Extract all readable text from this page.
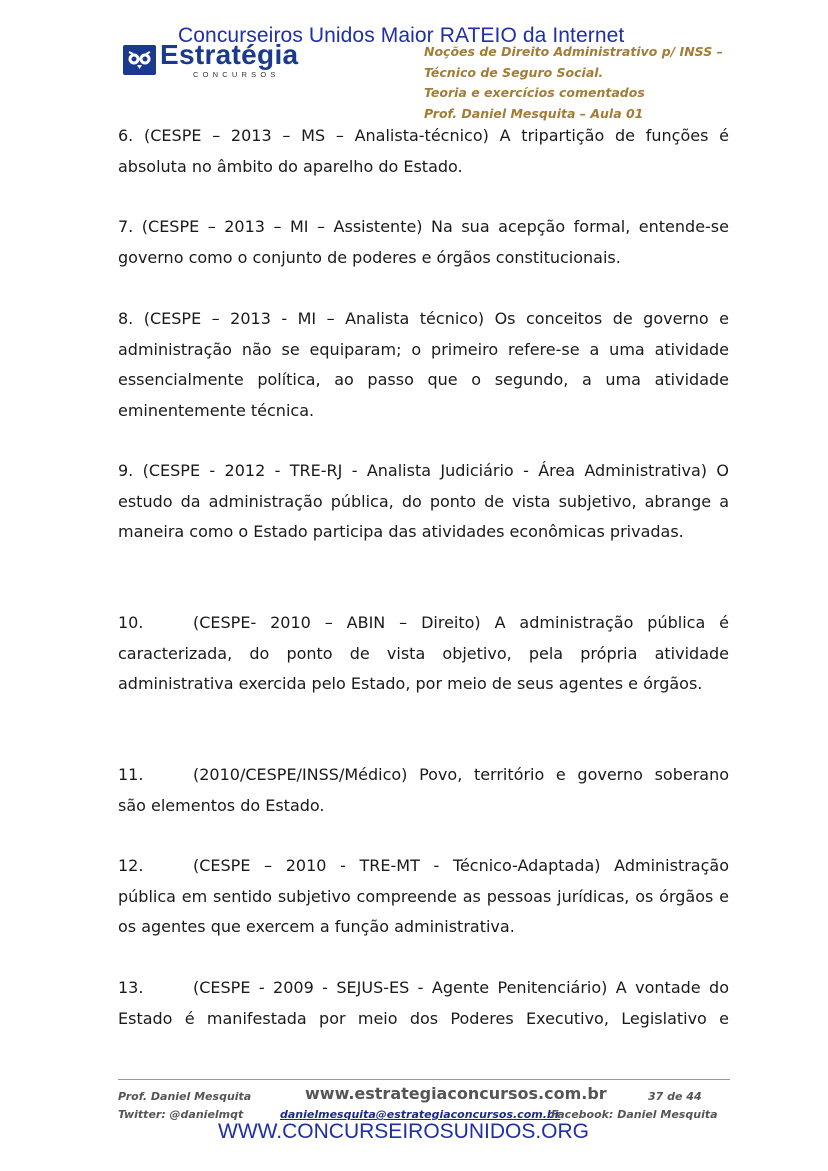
Concurseiros Unidos Maior RATEIO da Internet
Estratégia
CONCURSOS
Noções de Direito Administrativo p/ INSS –
Técnico de Seguro Social.
Teoria e exercícios comentados
Prof. Daniel Mesquita – Aula 01

6. (CESPE – 2013 – MS – Analista-técnico) A tripartição de funções é absoluta no âmbito do aparelho do Estado.

7. (CESPE – 2013 – MI – Assistente) Na sua acepção formal, entende-se governo como o conjunto de poderes e órgãos constitucionais.

8. (CESPE – 2013 - MI – Analista técnico) Os conceitos de governo e administração não se equiparam; o primeiro refere-se a uma atividade essencialmente política, ao passo que o segundo, a uma atividade eminentemente técnica.

9. (CESPE - 2012 - TRE-RJ - Analista Judiciário - Área Administrativa) O estudo da administração pública, do ponto de vista subjetivo, abrange a maneira como o Estado participa das atividades econômicas privadas.

10.	(CESPE- 2010 – ABIN – Direito) A administração pública é caracterizada, do ponto de vista objetivo, pela própria atividade administrativa exercida pelo Estado, por meio de seus agentes e órgãos.

11.	(2010/CESPE/INSS/Médico) Povo, território e governo soberano são elementos do Estado.

12.	(CESPE – 2010 - TRE-MT - Técnico-Adaptada) Administração pública em sentido subjetivo compreende as pessoas jurídicas, os órgãos e os agentes que exercem a função administrativa.

13.	(CESPE - 2009 - SEJUS-ES - Agente Penitenciário) A vontade do Estado é manifestada por meio dos Poderes Executivo, Legislativo e

Prof. Daniel Mesquita	www.estrategiaconcursos.com.br	37 de 44
Twitter: @danielmqt	danielmesquita@estrategiaconcursos.com.br
Facebook: Daniel Mesquita
WWW.CONCURSEIROSUNIDOS.ORG
